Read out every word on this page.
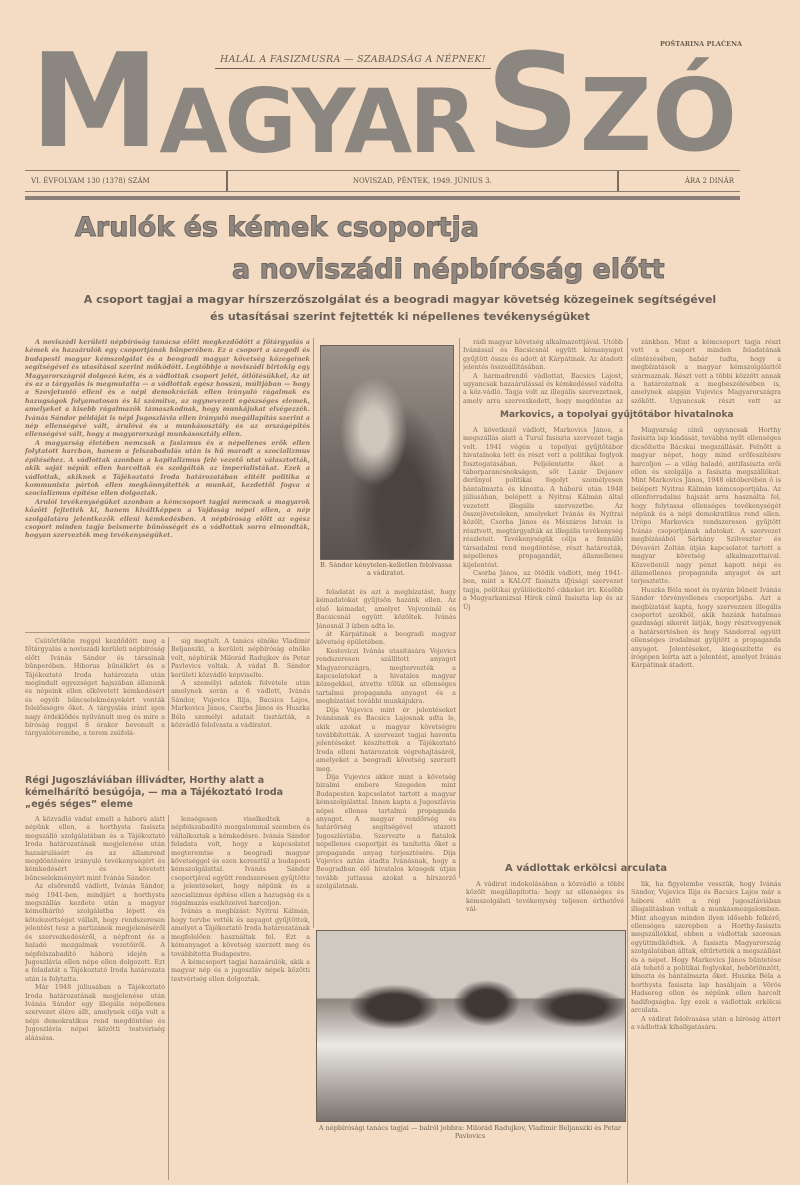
POŠTARINA PLAĆENA
M AGYAR S ZÓ
HALÁL A FASIZMUSRA — SZABADSÁG A NÉPNEK!
VI. ÉVFOLYAM 130 (1378) SZÁM	NOVISZAD, PÉNTEK, 1949. JÚNIUS 3.	ÁRA 2 DINÁR
Arulók és kémek csoportja
a noviszádi népbíróság előtt
A csoport tagjai a magyar hírszerzőszolgálat és a beogradi magyar követség közegeinek segítségével
és utasításai szerint fejtették ki népellenes tevékenységüket

A noviszádi kerületi népbíróság tanácsa előtt megkezdődött a főtárgyalás a kémek és hazaárulók egy csoportjának bűnperében. Ez a csoport a szegedi és budapesti magyar kémszolgálat és a beogradi magyar követség közegeinek segítségével és utasításai szerint működött. Legtöbbje a noviszádi birtokig egy Magyarországról dolgozó kém, és a vádlottak csoport jelét, ötlötésükkel, Az út és az a tárgyalás is megmutatta — a vádlottak egész hosszú, múltjában — hogy a Szovjetunió elleni és a népi demokráciák ellen irányuló rágalmak és hazugságok folyamatosan és ki számítva, az ugynevezett egészséges elemek, amelyeket a kisebb rágalmazók támaszkodnak, hogy munkájukat elvégezzék. Ivánás Sándor példáját is népi Jugoszlávia ellen irányuló megállapítás szerint a nép ellenségévé vált, árulóvá és a munkásosztály és az országépítés ellenségévé vált, hogy a magyarországi munkásosztály ellen.

A magyarság életében nemcsak a fasizmus és a népellenes erők ellen folytatott harcban, hanem a felszabadulás után is hű maradt a szocializmus építéséhez. A vádlottak azonban a kapitalizmus felé vezető utat választották, akik saját népük ellen harcoltak és szolgálták az imperialistákat. Ezek a vádlottak, akiknek a Tájékoztató Iroda határozatában elítélt politika a kommunista pártok ellen megkönnyítették a munkát, kezdettől fogva a szocializmus építése ellen dolgoztak.

Arulói tevékenységüket azonban a kémcsoport tagjai nemcsak a magyarok között fejtették ki, hanem kiváltképpen a Vajdaság népei ellen, a nép szolgálatára jelentkezők elleni kémkedésben. A népbíróság előtt az egész csoport minden tagja beismerte bűnösségét és a vádlottak sorra elmondták, hogyan szervezték meg tevékenységüket.

B. Sándor kénytelen-kelletlen felolvassa a vádiratot.

feladatát és azt a megbízatást, hogy kémadatokat gyűjtsön hazánk ellen. Az első kémadat, amelyet Vojvoninál és Bacsicsnál együtt közöltek. Ivánás Jánosnál 3 ízben adta le.

át Kárpátinak a beogradi magyar követség épületében.

Kesteviczi Ivánás utasítására Vojevics rendszeresen szállított anyagot Magyarországra, megtervezték a kapcsolatokat a hivatalos magyar közegekkel, átvette tőlük az ellenséges tartalmú propaganda anyagot és a megbízatást további munkájukra.

Dija Vujevics mint ér jelentéseket Ivánásnak és Bacsics Lajosnak adta le, akik azokat a magyar követségre továbbították. A szervezet tagjai havonta jelentéseket készítettek a Tájékoztató Iroda elleni határozatok végrehajtásáról, amelyeket a beogradi követség szerzett meg.

Dija Vujevics akkor mint a követség bizalmi embere Szegeden mint Budapesten kapcsolatot tartott a magyar kémszolgálattal. Innen kapta a Jugoszlávia népei ellenes tartalmú propaganda anyagot. A magyar rendőrség és határőrség segítségével utazott Jugoszláviába. Szervezte a fiatalok népellenes csoportját és tanította őket a propaganda anyag terjesztésére. Dija Vujevics aztán átadta Ivánásnak, hogy a Beogradban élő hivatalos közegek útján tovább juttassa azokat a hírszerző szolgálatnak.

rádi magyar követség alkalmazottjával. Utóbb Ivánással és Bacsicsnál együtt kémanyagot gyűjtött össze és adott át Kárpátinak. Az átadott jelentés összeállításában.

A harmadrendű vádlottat, Bacsics Lajost, ugyancsak hazaárulással és kémkedéssel vádolta a köz-vádló. Tagja volt az illegális szervezetnek, amely arra szervezkedett, hogy megdöntse az

zánkban. Mint a kémcsoport tagja részt vett a csoport minden feladatának elintézésében, habár tudta, hogy a megbízatások a magyar kémszolgálattól származnak. Részt vett a többi közzött annak a határozatnak a megbeszélésében is, amelynek alapján Vujevics Magyarországra szökött. Ugyancsak részt vett az

Markovics, a topolyai gyűjtőtábor hivatalnoka

A következő vádlott, Markovics János, a megszállás alatt a Turul fasiszta szervezet tagja volt. 1941 végén a topolyai gyűjtőtábor hivatalnoka lett és részt vett a politikai foglyok fosztogatásában. Feljelentette őket a táborparancsnokságon, sőt Lázár Dejanov derűnyol politikai fogolyt személyesen bántalmazta és kínozta. A háború után 1948 júliusában, belépett a Nyitrai Kálmán által vezetett illegális szervezetbe. Az összejöveteleken, amelyeket Ivánás és Nyitrai közölt, Csorba János és Mészáros István is résztvett, megtárgyalták az illegális tevékenység részleteit. Tevékenységük célja a fennálló társadalmi rend megdöntése, részt határozták, népellenes propagandát, államellenes kijelentést.

Csorba János, az ötödik vádlott, még 1941-ben, mint a KALOT fasiszta ifjúsági szervezet tagja, politikai gyűlöletkeltő cikkeket írt. Később a Magyarkanizsai Hírek című fasiszta lap és az Új

Magyarság című ugyancsak Horthy fasiszta lap kiadását, továbbá nyílt ellenséges dicsőítette Bácskai megszállását. Felnőtt a magyar népet, hogy mind erőfeszítésre harcoljon — a világ haladó, antifasiszta erői ellen és szolgálja a fasiszta megszállókat. Mint Markovics János, 1948 októberében ő is belépett Nyitrai Kálmán kémcsoportjába. Az ellenforradalmi hajszát arra használta fel, hogy folytassa ellenséges tevékenységét népünk és a népi demokratikus rend ellen. Urópo Markovics rendszeresen gyűjtött Ivánás csoportjának adatokat. A szervezet megbízásából Sárkány Szilveszter és Dévavári Zoltán útján kapcsolatot tartott a magyar követség alkalmazottaival. Közvetlenül nagy pénzt kapott népi és államellenes propaganda anyagot és azt terjesztette.

Huszka Béla most és nyárán bűneit Ivánás Sándor törvényellenes csoportjába. Azt a megbízatást kapta, hogy szervezzen illegális csoportot azokból, akik hazánk hatalmas gazdasági sikerét látják, hogy résztvegyenek a határsértésben és hogy Sándorral együtt ellenséges irodalmat gyűjtött a propaganda anyagot. Jelentéseket, kiegészítette és írógépen leírta azt a jelentést, amelyet Ivánás Kárpátinak átadott.

A vádlottak erkölcsi arculata

A vádirat indokolásában a közvádló a többi közölt megállapította: hogy az ellenséges és kémszolgálati tevékenység teljesen érthetővé vál-

lik, ha figyelembe vesszük, hogy Ivánás Sándor, Vujevics Ilija és Bacsics Lajos már a háború előtt a régi Jugoszláviában illegalitásban voltak a munkásmozgalomban. Mint ahogyan minden ilyen idősebb felkérő, ellenséges szerepben a Horthy-fasiszta megszállókkal, ebben a vádlottak szorosan együttműködtek. A fasiszta Magyarország szolgálatában álltak, eltűrtették a megszállást és a népet. Hogy Markovics János bűntetése alá tehető a politikai foglyokat, bebörtönzött, kínozta és bántalmazta őket. Huszka Béla a horthysta fasiszta lap hasábjain a Vörös Hadsereg ellen és népünk ellen harcolt hadifogságba. Így ezek a vádlottak erkölcsi arculata.

A vádirat felolvasása után a bíróság áttért a vádlottak kihallgatására.

A népbírósági tanács tagjai — balról jobbra: Milorád Radujkov, Vladimir Beljanszki és Petar Pavlovics

Csütörtökön reggel kezdődött meg a főtárgyalás a noviszádi kerületi népbíróság előtt Ivánás Sándor és társainak bűnperében. Hiborus bűnélkört és a Tájékoztató Iroda határozata után megindult egyezséget hajszában állanunk és népeink ellen elkövetett kémkedésért és egyéb bűncselekményekért vonták felelősségre őket. A tárgyalás iránt igen nagy érdeklődés nyilvánult meg és mire a bíróság reggel 8 órakor bevonult a tárgyalóterembe, a terem zsúfolá-

sig megtelt. A tanács elnöke Vladimir Beljanszki, a kerületi népbíróság elnöke volt, népbírák Milorád Radujkov és Petar Pavlovics voltak. A vádat B. Sándor kerületi közvádló képviselte.

A személyi adatok felvétele után amelynek során a 6 vádlott, Ivánás Sándor, Vujevics Ilija, Bacsics Lajos, Markovics János, Csorba János és Huszka Béla személyi adatait tisztázták, a közvádló felolvasta a vádiratot.

Régi Jugoszláviában illivádter, Horthy alatt a kémelhárító besúgója, — ma a Tájékoztató Iroda „egés séges” eleme

A közvádló vádat emelt a háború alatt népünk ellen, a horthysta fasiszta megszálló szolgálatában és a Tájékoztató Iroda határozatának megjelenése után hazaárulásért és az államrend megdöntésére irányuló tevékenységért és kémkedésért és követett bűncselekményért mint Ivánás Sándor.

Az elsőrendű vádlott, Ivánás Sándor, még 1941-ben, mindjárt a horthysta megszállás kezdete után a magyar kémelhárító szolgálatba lépett és kötelezettséget vállalt, hogy rendszeresen jelentést tesz a partizánok megjelenéséről és szervezkedéséről, a népfront és a haladó mozgalmak vezetőiről. A népfelszabadító háború idején a Jugoszlávia ellen népe ellen dolgozott. Ezt a feladatát a Tájékoztató Iroda határozata után is folytatta.

Már 1948 júliusában a Tájékoztató Iroda határozatának megjelenése után Ivánás Sándor egy illegális népellenes szervezet élére állt, amelynek célja volt a népi demokratikus rend megdöntése és Jugoszlávia népei közötti testvériség aláásása.

lenségesen viselkedtek a népfelszabadító mozgalommal szemben és vállalkoztak a kémkedésre. Ivánás Sándor feladata volt, hogy a kapcsolatot megteremtse a beogradi magyar követséggel és ezen keresztül a budapesti kémszolgálattal. Ivánás Sándor csoportjával együtt rendszeresen gyűjtötte a jelentéseket, hogy népünk és a szocializmus építése ellen a hazugság és a rágalmazás eszközeivel harcoljon.

Ivánás a megbízást: Nyitrai Kálmán, hogy tervbe vették és anyagot gyűjtöttek, amelyet a Tájékoztató Iroda határozatának megfelelően használtak fel. Ezt a kémanyagot a követség szerzett meg és továbbította Budapestre.

A kémcsoport tagjai hazaárulók, akik a magyar nép és a jugoszláv népek közötti testvériség ellen dolgoztak.
